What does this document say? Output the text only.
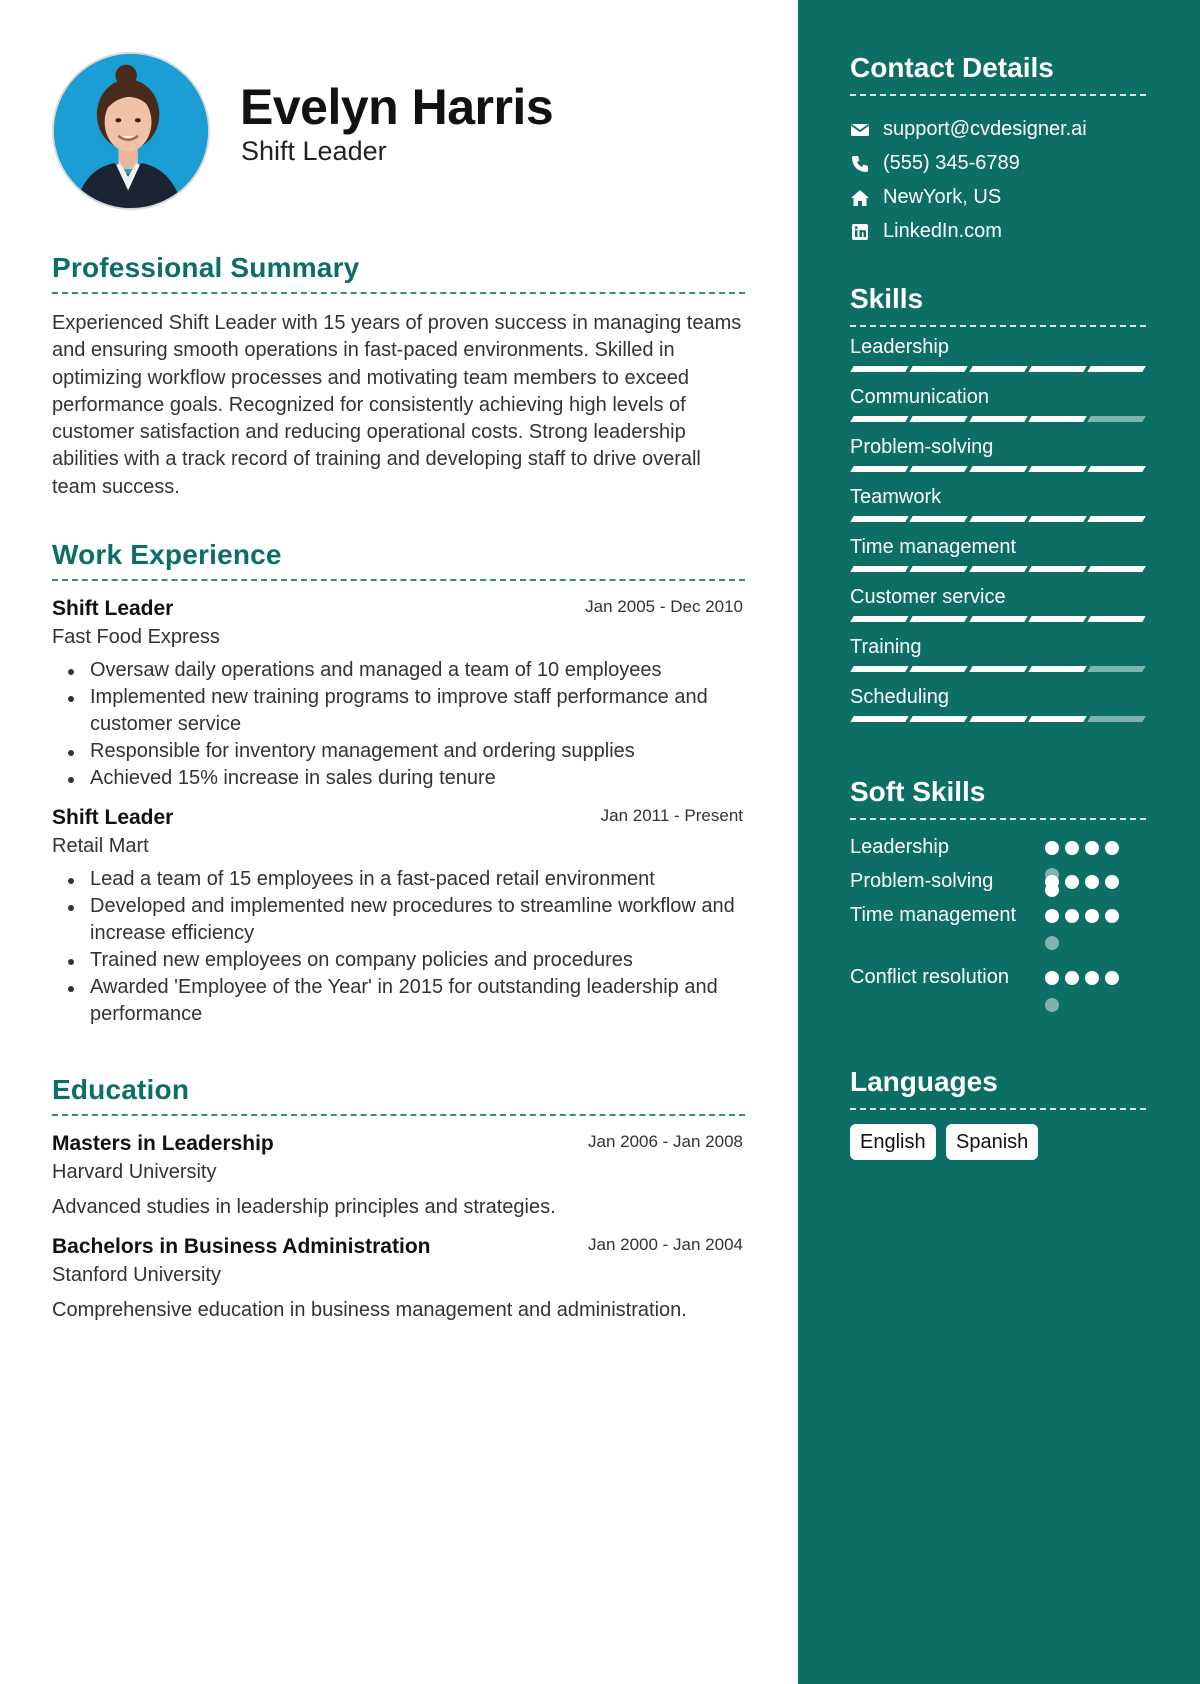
Evelyn Harris
Shift Leader
Professional Summary
Experienced Shift Leader with 15 years of proven success in managing teams and ensuring smooth operations in fast-paced environments. Skilled in optimizing workflow processes and motivating team members to exceed performance goals. Recognized for consistently achieving high levels of customer satisfaction and reducing operational costs. Strong leadership abilities with a track record of training and developing staff to drive overall team success.
Work Experience
Shift Leader	Jan 2005 - Dec 2010
Fast Food Express
Oversaw daily operations and managed a team of 10 employees
Implemented new training programs to improve staff performance and customer service
Responsible for inventory management and ordering supplies
Achieved 15% increase in sales during tenure
Shift Leader	Jan 2011 - Present
Retail Mart
Lead a team of 15 employees in a fast-paced retail environment
Developed and implemented new procedures to streamline workflow and increase efficiency
Trained new employees on company policies and procedures
Awarded 'Employee of the Year' in 2015 for outstanding leadership and performance
Education
Masters in Leadership	Jan 2006 - Jan 2008
Harvard University
Advanced studies in leadership principles and strategies.
Bachelors in Business Administration	Jan 2000 - Jan 2004
Stanford University
Comprehensive education in business management and administration.
Contact Details
support@cvdesigner.ai
(555) 345-6789
NewYork, US
LinkedIn.com
Skills
Leadership
Communication
Problem-solving
Teamwork
Time management
Customer service
Training
Scheduling
Soft Skills
Leadership
Problem-solving
Time management
Conflict resolution
Languages
English	Spanish
